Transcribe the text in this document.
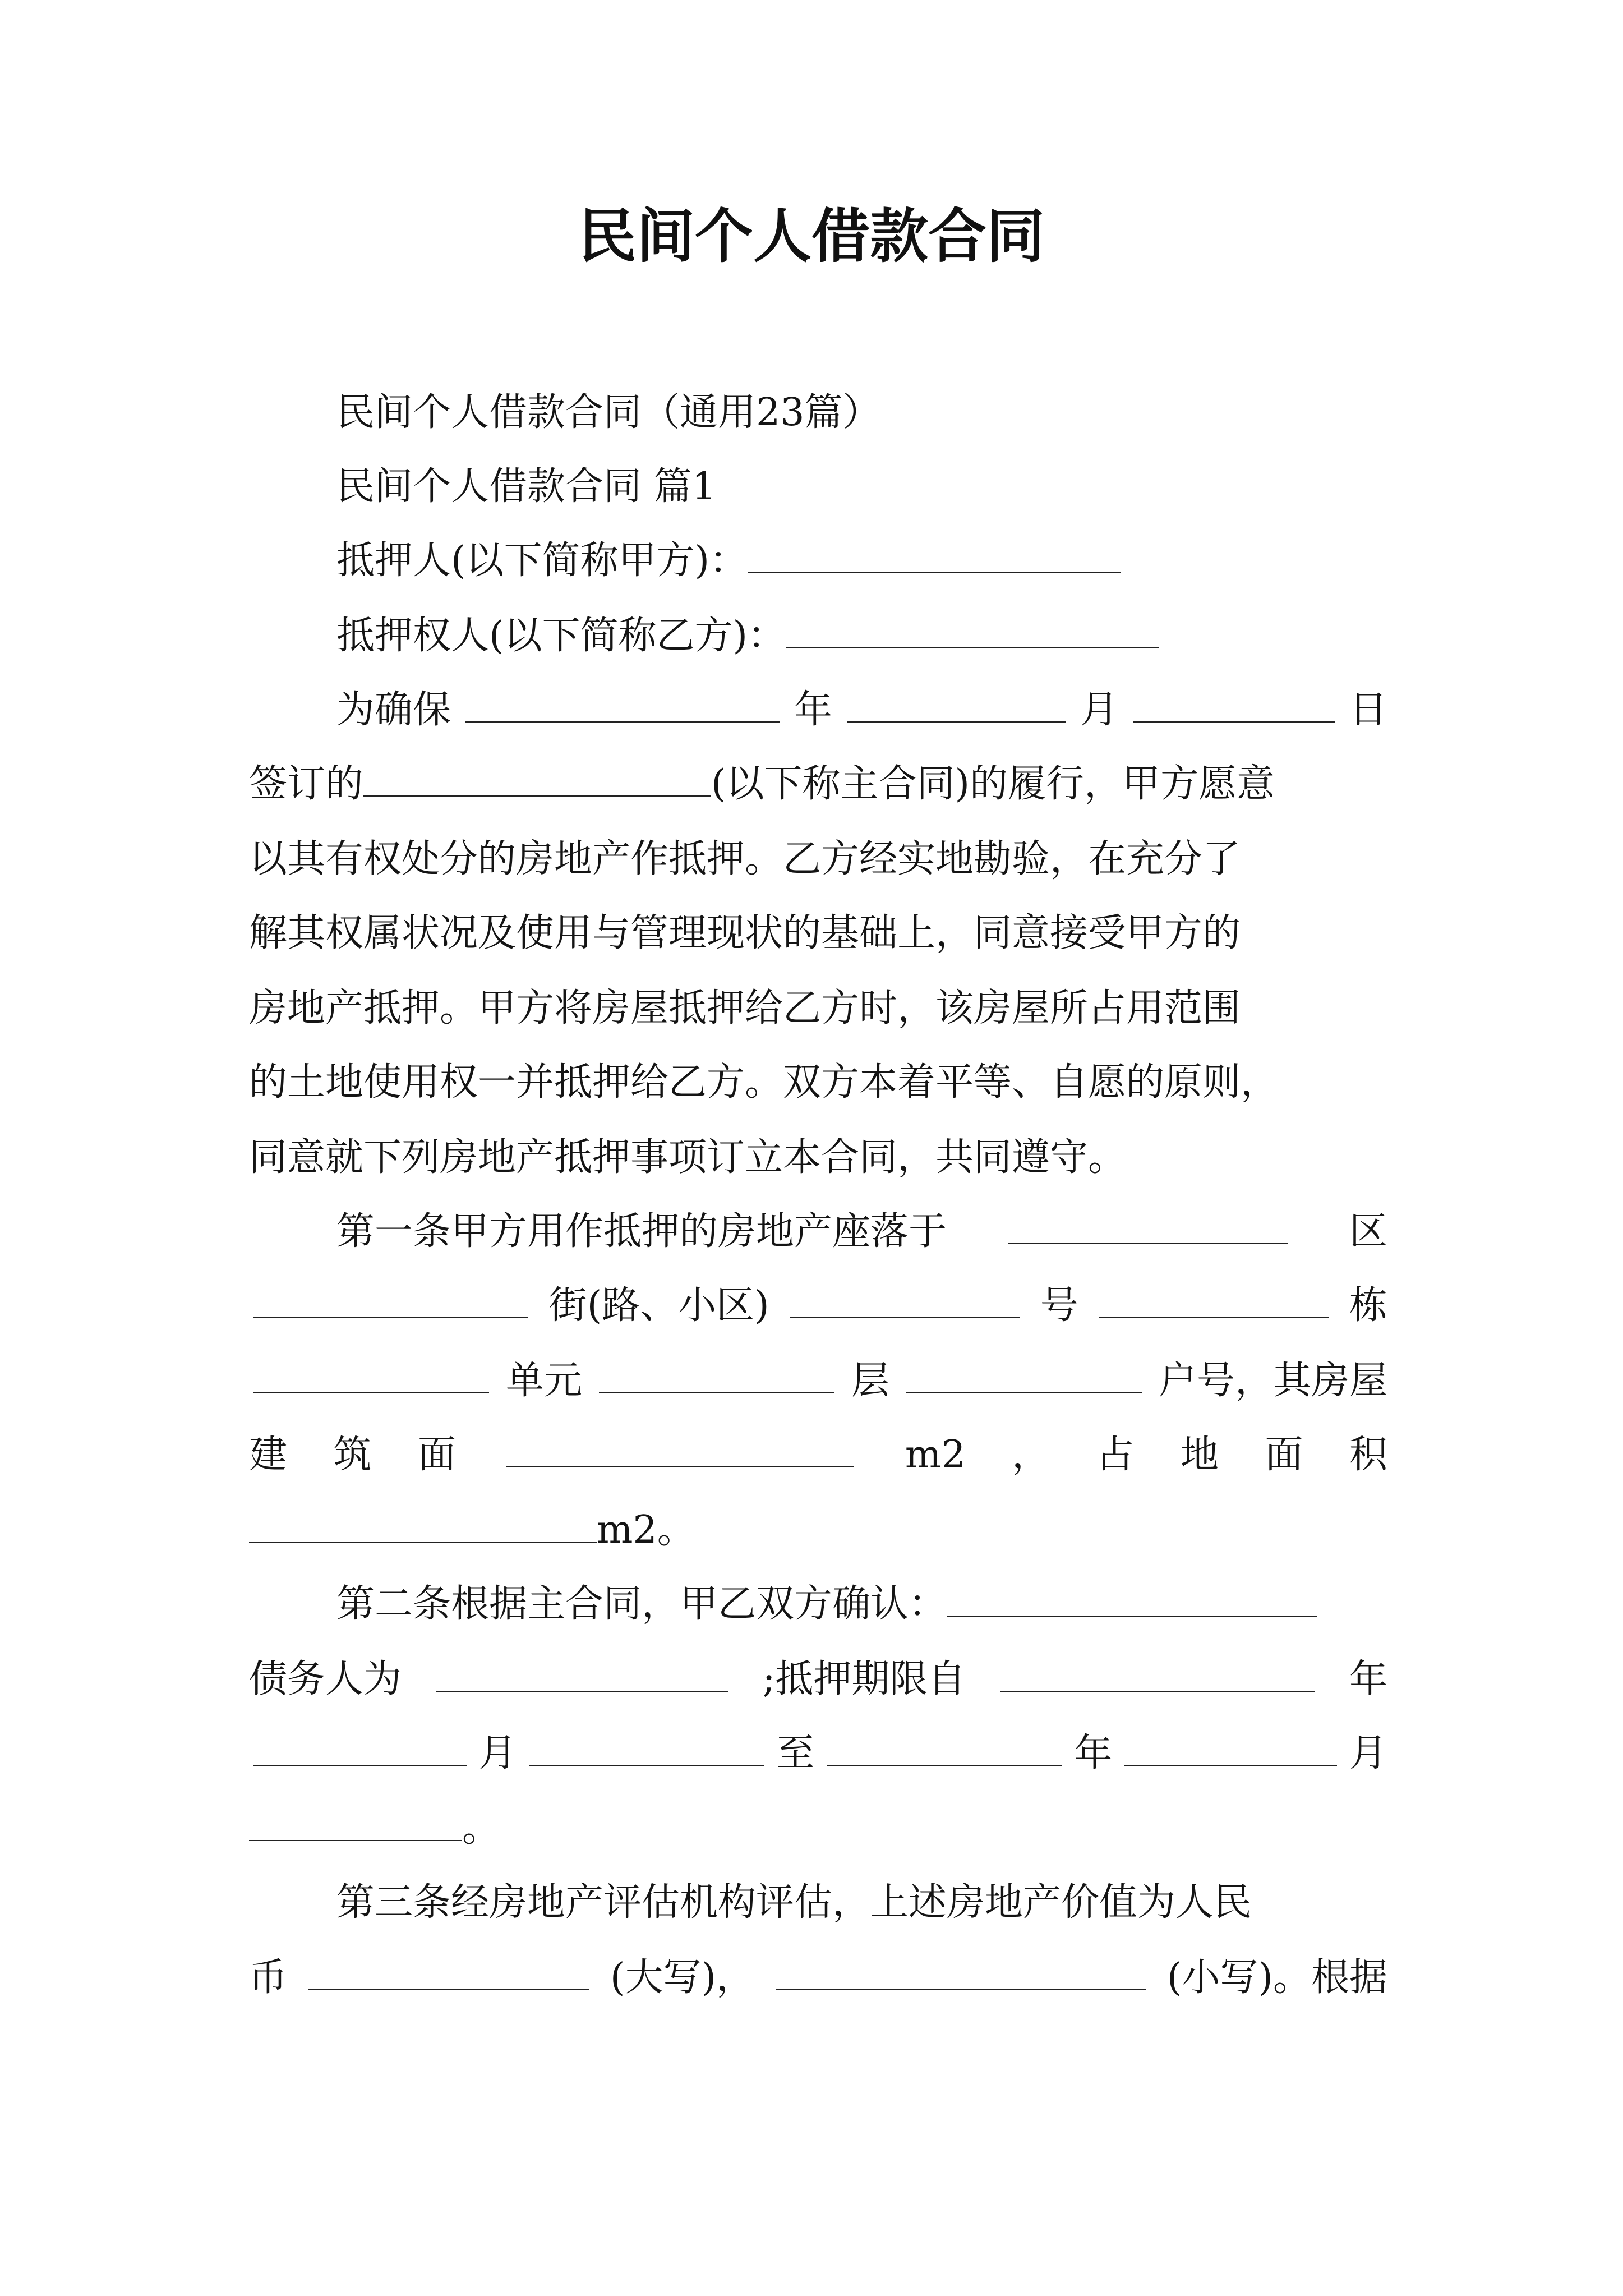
民间个人借款合同
民间个人借款合同（通用23篇）
民间个人借款合同 篇1
抵押人(以下简称甲方)：
抵押权人(以下简称乙方)：
为确保	年	月	日
签订的	(以下称主合同)的履行，甲方愿意
以其有权处分的房地产作抵押。乙方经实地勘验，在充分了
解其权属状况及使用与管理现状的基础上，同意接受甲方的
房地产抵押。甲方将房屋抵押给乙方时，该房屋所占用范围
的土地使用权一并抵押给乙方。双方本着平等、自愿的原则，
同意就下列房地产抵押事项订立本合同，共同遵守。
第一条甲方用作抵押的房地产座落于	区
街(路、小区)	号	栋
单元	层	户号，其房屋
建 筑 面	m2 ， 占 地 面 积
m2。
第二条根据主合同，甲乙双方确认：
债务人为	;抵押期限自	年
月	至	年	月
。
第三条经房地产评估机构评估，上述房地产价值为人民
币	(大写)，	(小写)。根据
